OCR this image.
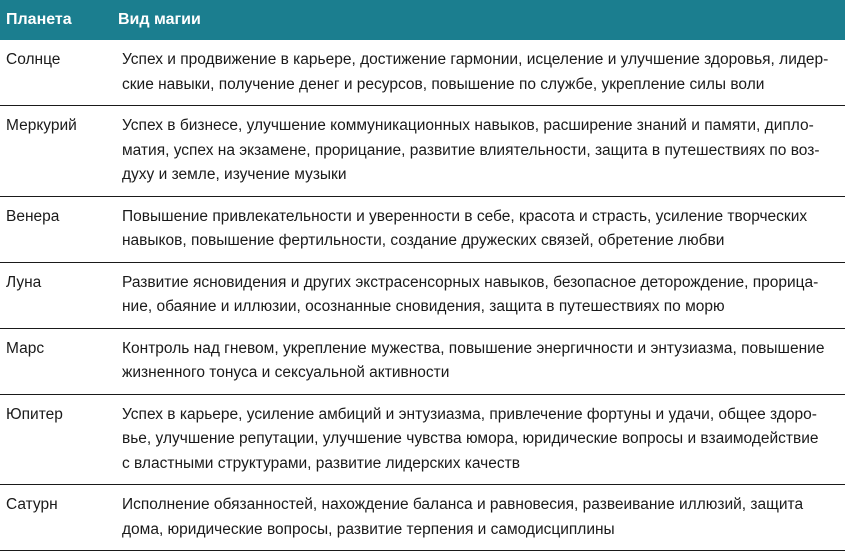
Планета	Вид магии
Солнце	Успех и продвижение в карьере, достижение гармонии, исцеление и улучшение здоровья, лидер-
ские навыки, получение денег и ресурсов, повышение по службе, укрепление силы воли

Меркурий	Успех в бизнесе, улучшение коммуникационных навыков, расширение знаний и памяти, дипло-
матия, успех на экзамене, прорицание, развитие влиятельности, защита в путешествиях по воз-
духу и земле, изучение музыки

Венера	Повышение привлекательности и уверенности в себе, красота и страсть, усиление творческих
навыков, повышение фертильности, создание дружеских связей, обретение любви

Луна	Развитие ясновидения и других экстрасенсорных навыков, безопасное деторождение, прорица-
ние, обаяние и иллюзии, осознанные сновидения, защита в путешествиях по морю

Марс	Контроль над гневом, укрепление мужества, повышение энергичности и энтузиазма, повышение
жизненного тонуса и сексуальной активности

Юпитер	Успех в карьере, усиление амбиций и энтузиазма, привлечение фортуны и удачи, общее здоро-
вье, улучшение репутации, улучшение чувства юмора, юридические вопросы и взаимодействие
с властными структурами, развитие лидерских качеств

Сатурн	Исполнение обязанностей, нахождение баланса и равновесия, развеивание иллюзий, защита
дома, юридические вопросы, развитие терпения и самодисциплины
